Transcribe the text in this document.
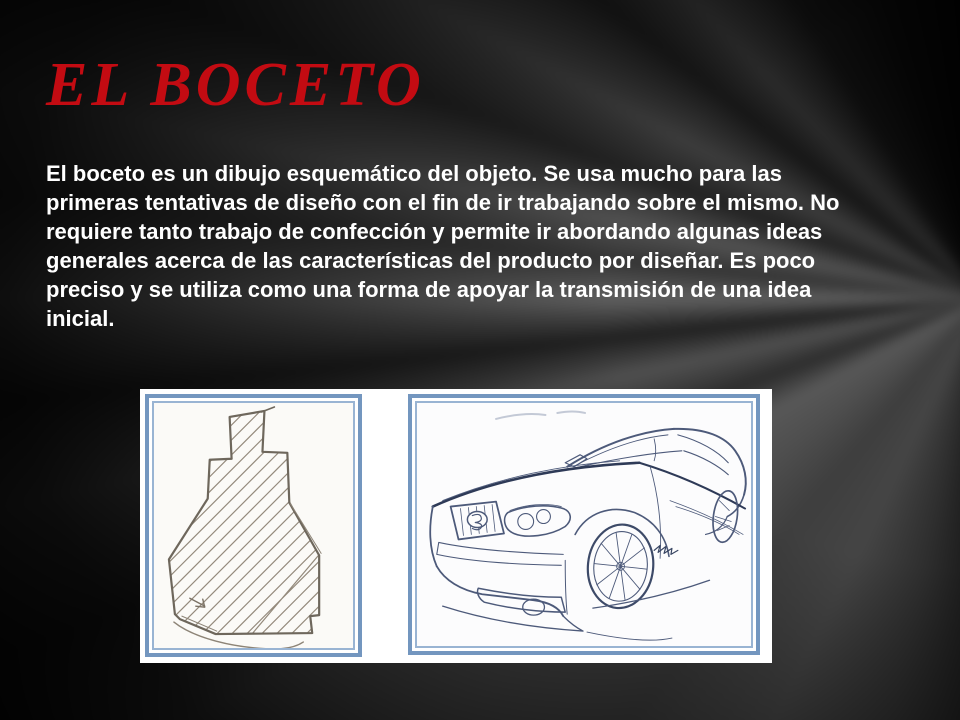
EL BOCETO
El boceto es un dibujo esquemático del objeto. Se usa mucho para las
primeras tentativas de diseño con el fin de ir trabajando sobre el mismo. No
requiere tanto trabajo de confección y permite ir abordando algunas ideas
generales acerca de las características del producto por diseñar. Es poco
preciso y se utiliza como una forma de apoyar la transmisión de una idea
inicial.
